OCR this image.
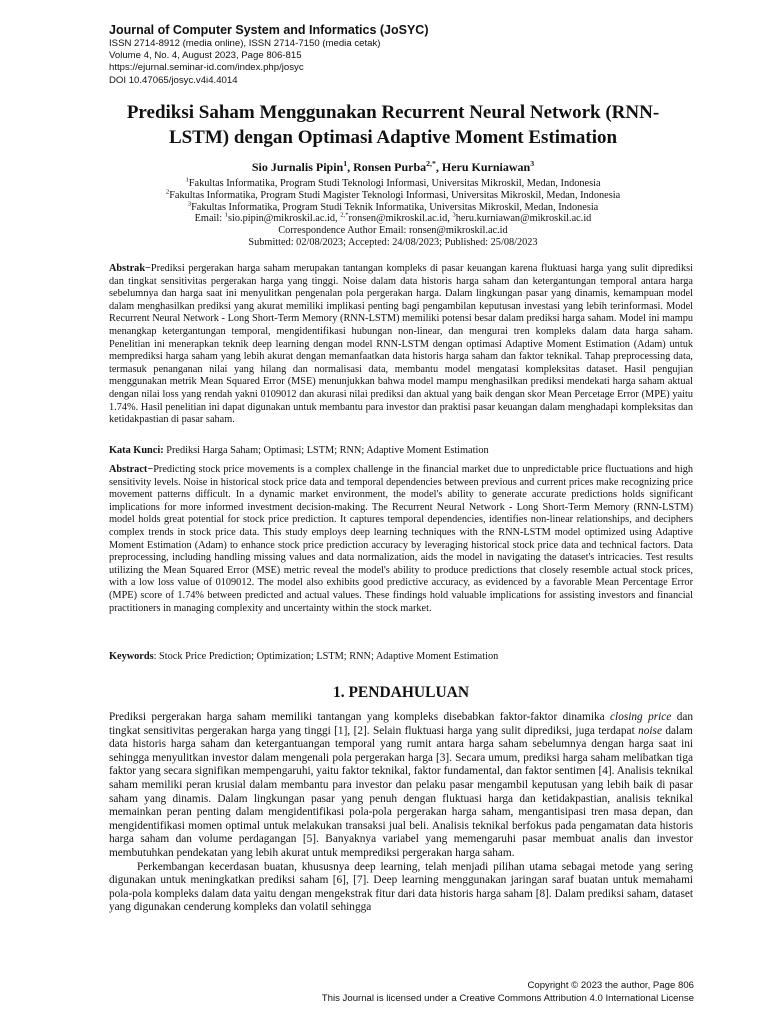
Journal of Computer System and Informatics (JoSYC)
ISSN 2714-8912 (media online), ISSN 2714-7150 (media cetak)
Volume 4, No. 4, August 2023, Page 806-815
https://ejurnal.seminar-id.com/index.php/josyc
DOI 10.47065/josyc.v4i4.4014
Prediksi Saham Menggunakan Recurrent Neural Network (RNN-LSTM) dengan Optimasi Adaptive Moment Estimation
Sio Jurnalis Pipin$^1$, Ronsen Purba$^{2,*}$, Heru Kurniawan$^3$
$^1$Fakultas Informatika, Program Studi Teknologi Informasi, Universitas Mikroskil, Medan, Indonesia
$^2$Fakultas Informatika, Program Studi Magister Teknologi Informasi, Universitas Mikroskil, Medan, Indonesia
$^3$Fakultas Informatika, Program Studi Teknik Informatika, Universitas Mikroskil, Medan, Indonesia
Email: $^1$sio.pipin@mikroskil.ac.id, $^{2,*}$ronsen@mikroskil.ac.id, $^3$heru.kurniawan@mikroskil.ac.id
Correspondence Author Email: ronsen@mikroskil.ac.id
Submitted: 02/08/2023; Accepted: 24/08/2023; Published: 25/08/2023
Abstrak−Prediksi pergerakan harga saham merupakan tantangan kompleks di pasar keuangan karena fluktuasi harga yang sulit diprediksi dan tingkat sensitivitas pergerakan harga yang tinggi. Noise dalam data historis harga saham dan ketergantungan temporal antara harga sebelumnya dan harga saat ini menyulitkan pengenalan pola pergerakan harga. Dalam lingkungan pasar yang dinamis, kemampuan model dalam menghasilkan prediksi yang akurat memiliki implikasi penting bagi pengambilan keputusan investasi yang lebih terinformasi. Model Recurrent Neural Network - Long Short-Term Memory (RNN-LSTM) memiliki potensi besar dalam prediksi harga saham. Model ini mampu menangkap ketergantungan temporal, mengidentifikasi hubungan non-linear, dan mengurai tren kompleks dalam data harga saham. Penelitian ini menerapkan teknik deep learning dengan model RNN-LSTM dengan optimasi Adaptive Moment Estimation (Adam) untuk memprediksi harga saham yang lebih akurat dengan memanfaatkan data historis harga saham dan faktor teknikal. Tahap preprocessing data, termasuk penanganan nilai yang hilang dan normalisasi data, membantu model mengatasi kompleksitas dataset. Hasil pengujian menggunakan metrik Mean Squared Error (MSE) menunjukkan bahwa model mampu menghasilkan prediksi mendekati harga saham aktual dengan nilai loss yang rendah yakni 0109012 dan akurasi nilai prediksi dan aktual yang baik dengan skor Mean Percetage Error (MPE) yaitu 1.74%. Hasil penelitian ini dapat digunakan untuk membantu para investor dan praktisi pasar keuangan dalam menghadapi kompleksitas dan ketidakpastian di pasar saham.
Kata Kunci: Prediksi Harga Saham; Optimasi; LSTM; RNN; Adaptive Moment Estimation
Abstract−Predicting stock price movements is a complex challenge in the financial market due to unpredictable price fluctuations and high sensitivity levels. Noise in historical stock price data and temporal dependencies between previous and current prices make recognizing price movement patterns difficult. In a dynamic market environment, the model's ability to generate accurate predictions holds significant implications for more informed investment decision-making. The Recurrent Neural Network - Long Short-Term Memory (RNN-LSTM) model holds great potential for stock price prediction. It captures temporal dependencies, identifies non-linear relationships, and deciphers complex trends in stock price data. This study employs deep learning techniques with the RNN-LSTM model optimized using Adaptive Moment Estimation (Adam) to enhance stock price prediction accuracy by leveraging historical stock price data and technical factors. Data preprocessing, including handling missing values and data normalization, aids the model in navigating the dataset's intricacies. Test results utilizing the Mean Squared Error (MSE) metric reveal the model's ability to produce predictions that closely resemble actual stock prices, with a low loss value of 0109012. The model also exhibits good predictive accuracy, as evidenced by a favorable Mean Percentage Error (MPE) score of 1.74% between predicted and actual values. These findings hold valuable implications for assisting investors and financial practitioners in managing complexity and uncertainty within the stock market.
Keywords: Stock Price Prediction; Optimization; LSTM; RNN; Adaptive Moment Estimation
1. PENDAHULUAN

Prediksi pergerakan harga saham memiliki tantangan yang kompleks disebabkan faktor-faktor dinamika closing price dan tingkat sensitivitas pergerakan harga yang tinggi [1], [2]. Selain fluktuasi harga yang sulit diprediksi, juga terdapat noise dalam data historis harga saham dan ketergantuangan temporal yang rumit antara harga saham sebelumnya dengan harga saat ini sehingga menyulitkan investor dalam mengenali pola pergerakan harga [3]. Secara umum, prediksi harga saham melibatkan tiga faktor yang secara signifikan mempengaruhi, yaitu faktor teknikal, faktor fundamental, dan faktor sentimen [4]. Analisis teknikal saham memiliki peran krusial dalam membantu para investor dan pelaku pasar mengambil keputusan yang lebih baik di pasar saham yang dinamis. Dalam lingkungan pasar yang penuh dengan fluktuasi harga dan ketidakpastian, analisis teknikal memainkan peran penting dalam mengidentifikasi pola-pola pergerakan harga saham, mengantisipasi tren masa depan, dan mengidentifikasi momen optimal untuk melakukan transaksi jual beli. Analisis teknikal berfokus pada pengamatan data historis harga saham dan volume perdagangan [5]. Banyaknya variabel yang memengaruhi pasar membuat analis dan investor membutuhkan pendekatan yang lebih akurat untuk memprediksi pergerakan harga saham.

Perkembangan kecerdasan buatan, khususnya deep learning, telah menjadi pilihan utama sebagai metode yang sering digunakan untuk meningkatkan prediksi saham [6], [7]. Deep learning menggunakan jaringan saraf buatan untuk memahami pola-pola kompleks dalam data yaitu dengan mengekstrak fitur dari data historis harga saham [8]. Dalam prediksi saham, dataset yang digunakan cenderung kompleks dan volatil sehingga

Copyright © 2023 the author, Page 806
This Journal is licensed under a Creative Commons Attribution 4.0 International License
